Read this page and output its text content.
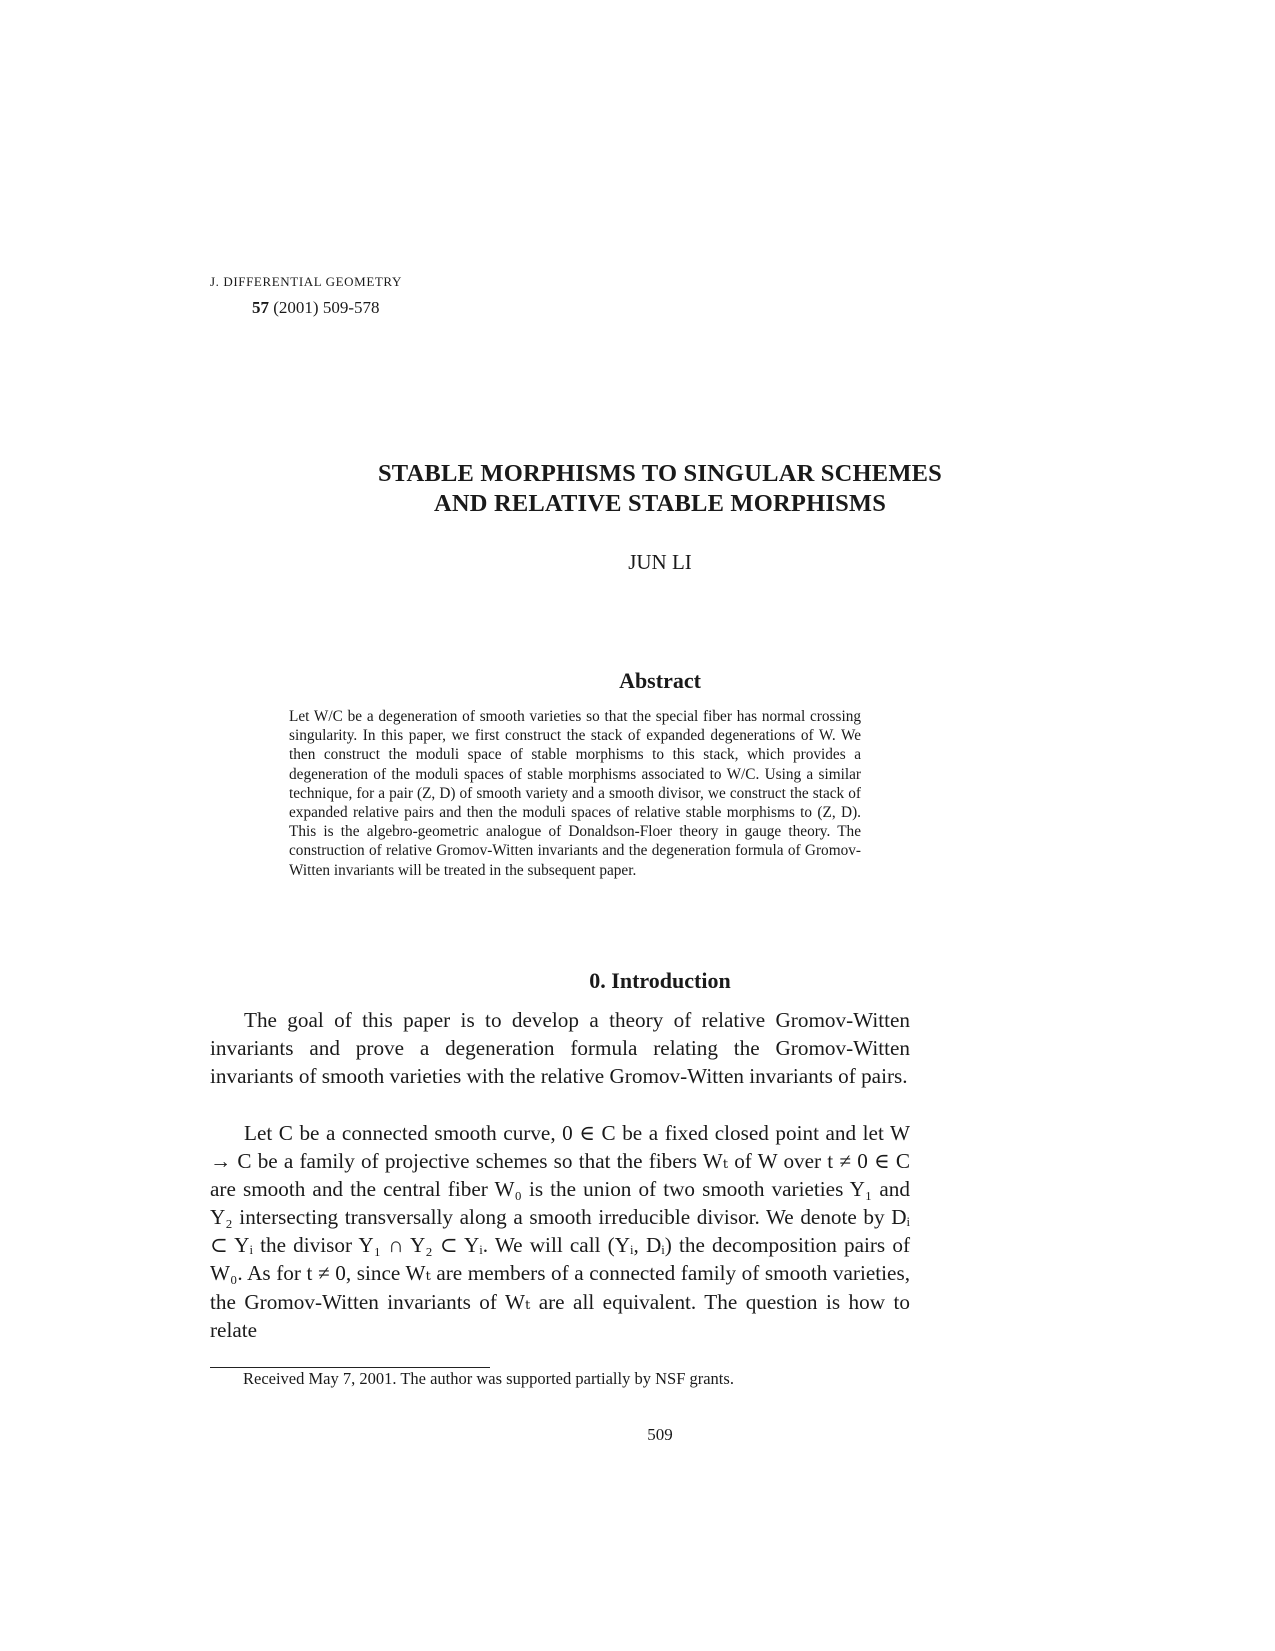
J. DIFFERENTIAL GEOMETRY
57 (2001) 509-578
STABLE MORPHISMS TO SINGULAR SCHEMES
AND RELATIVE STABLE MORPHISMS
JUN LI
Abstract
Let W/C be a degeneration of smooth varieties so that the special fiber has normal crossing singularity. In this paper, we first construct the stack of expanded degenerations of W. We then construct the moduli space of stable morphisms to this stack, which provides a degeneration of the moduli spaces of stable morphisms associated to W/C. Using a similar technique, for a pair (Z, D) of smooth variety and a smooth divisor, we construct the stack of expanded relative pairs and then the moduli spaces of relative stable morphisms to (Z, D). This is the algebro-geometric analogue of Donaldson-Floer theory in gauge theory. The construction of relative Gromov-Witten invariants and the degeneration formula of Gromov-Witten invariants will be treated in the subsequent paper.
0. Introduction

The goal of this paper is to develop a theory of relative Gromov-Witten invariants and prove a degeneration formula relating the Gromov-Witten invariants of smooth varieties with the relative Gromov-Witten invariants of pairs.

Let C be a connected smooth curve, 0 ∈ C be a fixed closed point and let W → C be a family of projective schemes so that the fibers Wₜ of W over t ≠ 0 ∈ C are smooth and the central fiber W₀ is the union of two smooth varieties Y₁ and Y₂ intersecting transversally along a smooth irreducible divisor. We denote by Dᵢ ⊂ Yᵢ the divisor Y₁ ∩ Y₂ ⊂ Yᵢ. We will call (Yᵢ, Dᵢ) the decomposition pairs of W₀. As for t ≠ 0, since Wₜ are members of a connected family of smooth varieties, the Gromov-Witten invariants of Wₜ are all equivalent. The question is how to relate

Received May 7, 2001. The author was supported partially by NSF grants.
509
